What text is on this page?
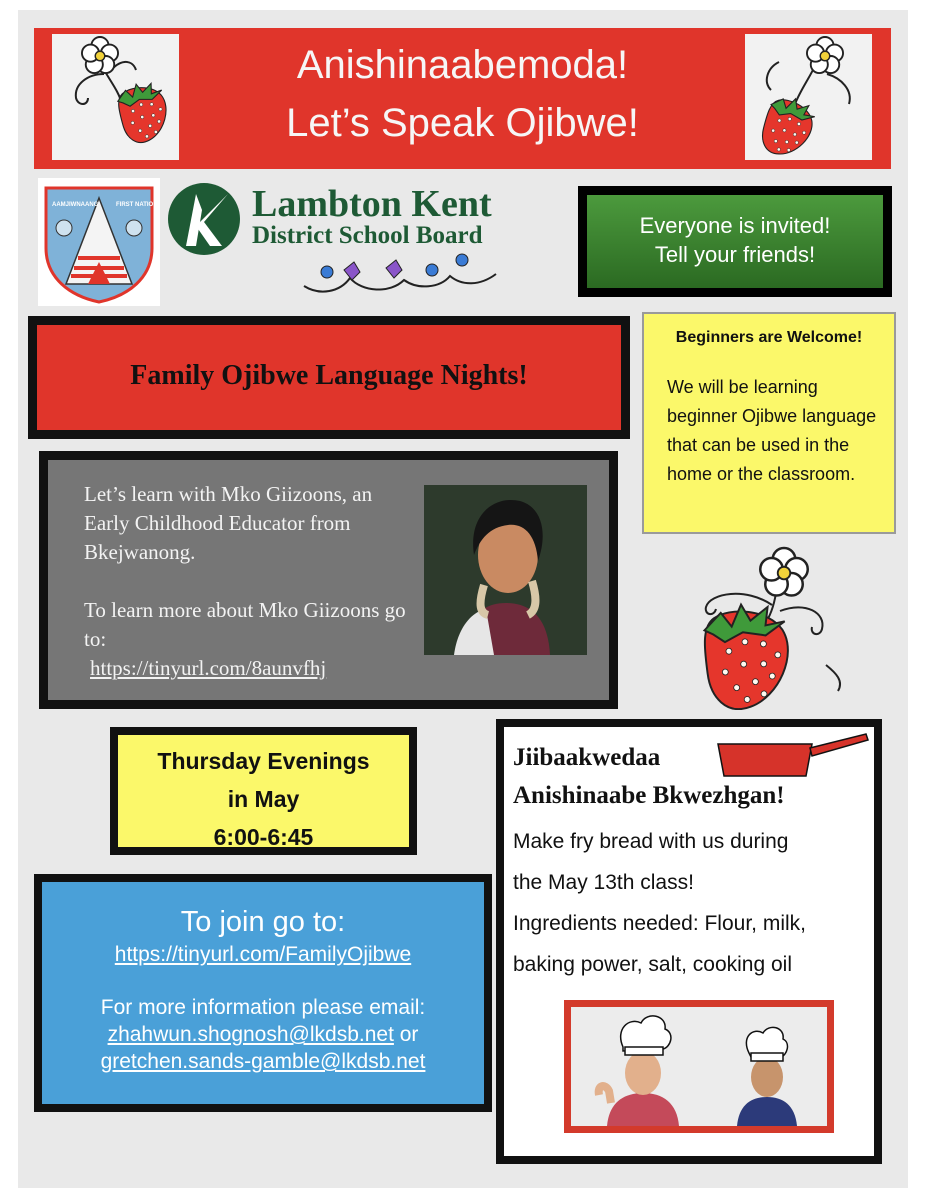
Anishinaabemoda!
Let’s Speak Ojibwe!
AAMJIWNAANG	FIRST NATION Lambton Kent
District School Board	Everyone is invited!
Tell your friends!
Family Ojibwe Language Nights!
Beginners are Welcome!

We will be learning beginner Ojibwe language that can be used in the home or the classroom.

Let’s learn with Mko Giizoons, an Early Childhood Educator from Bkejwanong.

To learn more about Mko Giizoons go to:

https://tinyurl.com/8aunvfhj
Thursday Evenings
in May
6:00-6:45
To join go to:
https://tinyurl.com/FamilyOjibwe
For more information please email:
zhahwun.shognosh@lkdsb.net or
gretchen.sands-gamble@lkdsb.net
Jiibaakwedaa
Anishinaabe Bkwezhgan!
Make fry bread with us during
the May 13th class!
Ingredients needed: Flour, milk,
baking power, salt, cooking oil
